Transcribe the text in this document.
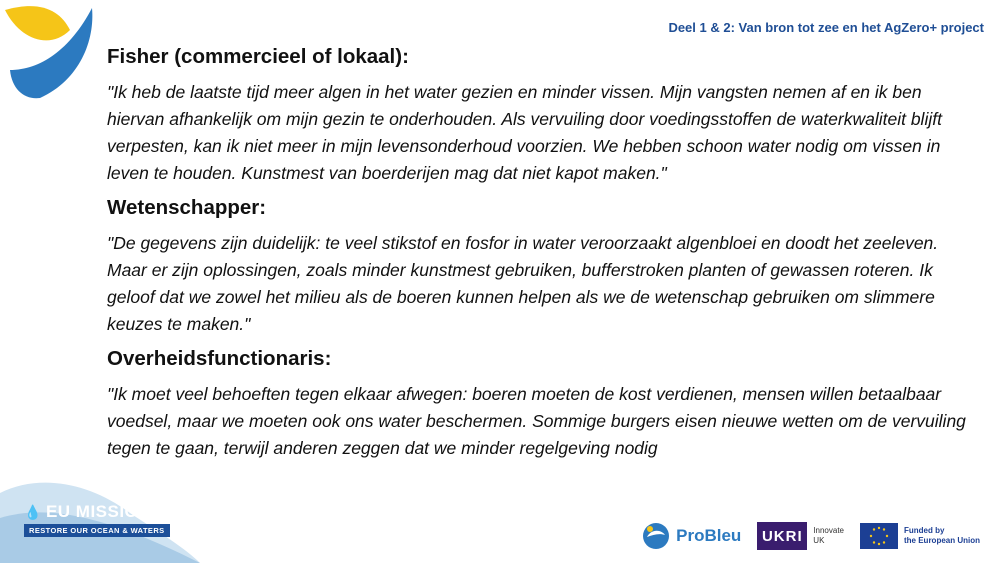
Deel 1 & 2: Van bron tot zee en het AgZero+ project

Fisher (commercieel of lokaal):

"Ik heb de laatste tijd meer algen in het water gezien en minder vissen. Mijn vangsten nemen af en ik ben hiervan afhankelijk om mijn gezin te onderhouden. Als vervuiling door voedingsstoffen de waterkwaliteit blijft verpesten, kan ik niet meer in mijn levensonderhoud voorzien. We hebben schoon water nodig om vissen in leven te houden. Kunstmest van boerderijen mag dat niet kapot maken."

Wetenschapper:

"De gegevens zijn duidelijk: te veel stikstof en fosfor in water veroorzaakt algenbloei en doodt het zeeleven. Maar er zijn oplossingen, zoals minder kunstmest gebruiken, bufferstroken planten of gewassen roteren. Ik geloof dat we zowel het milieu als de boeren kunnen helpen als we de wetenschap gebruiken om slimmere keuzes te maken."

Overheidsfunctionaris:

"Ik moet veel behoeften tegen elkaar afwegen: boeren moeten de kost verdienen, mensen willen betaalbaar voedsel, maar we moeten ook ons water beschermen. Sommige burgers eisen nieuwe wetten om de vervuiling tegen te gaan, terwijl anderen zeggen dat we minder regelgeving nodig

💧 EU MISSIONS
RESTORE OUR OCEAN & WATERS	ProBleu	UKRI	Innovate
UK
Funded by
the European Union
